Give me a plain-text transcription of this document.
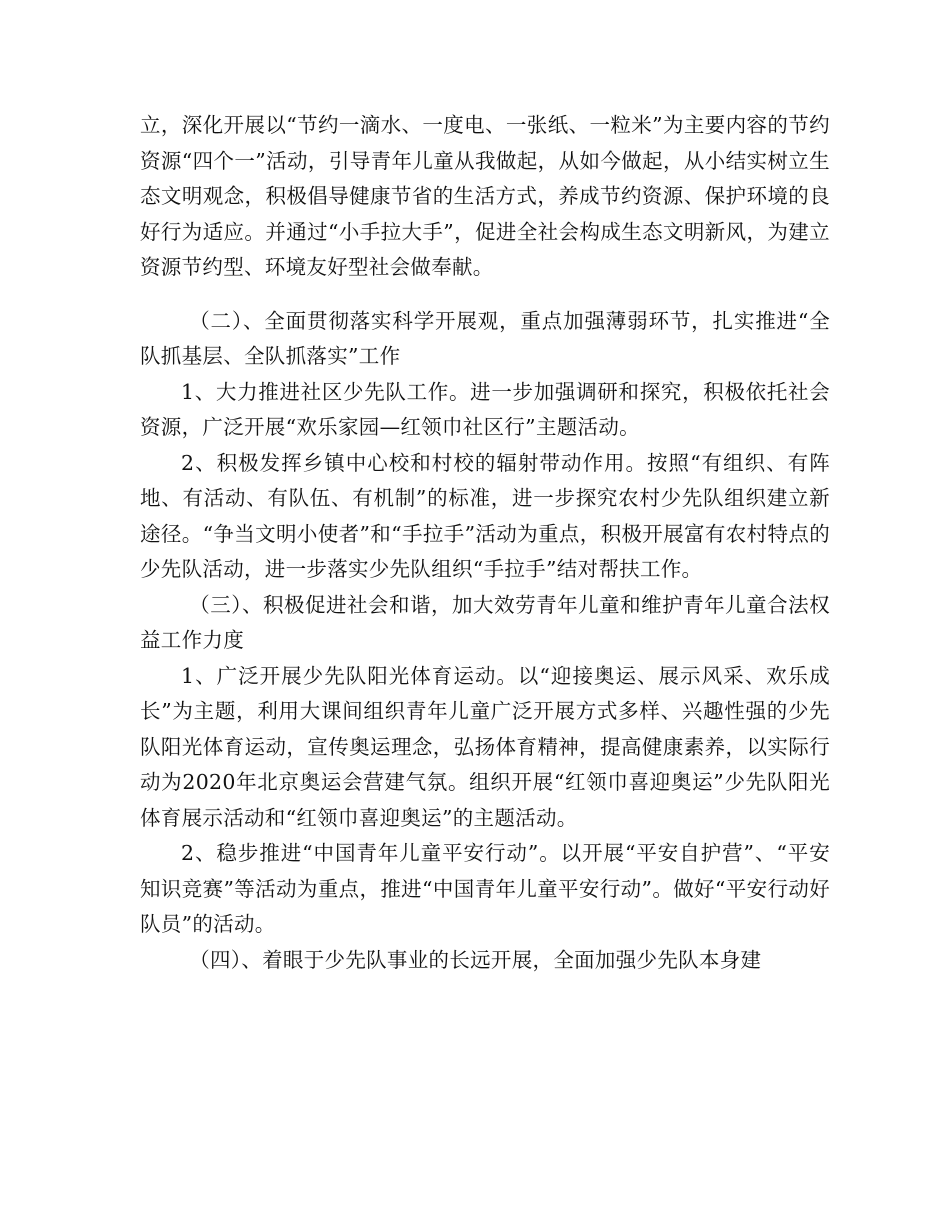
立，深化开展以“节约一滴水、一度电、一张纸、一粒米”为主要内容的节约资源“四个一”活动，引导青年儿童从我做起，从如今做起，从小结实树立生态文明观念，积极倡导健康节省的生活方式，养成节约资源、保护环境的良好行为适应。并通过“小手拉大手”，促进全社会构成生态文明新风，为建立资源节约型、环境友好型社会做奉献。

（二）、全面贯彻落实科学开展观，重点加强薄弱环节，扎实推进“全队抓基层、全队抓落实”工作

1、大力推进社区少先队工作。进一步加强调研和探究，积极依托社会资源，广泛开展“欢乐家园—红领巾社区行”主题活动。

2、积极发挥乡镇中心校和村校的辐射带动作用。按照“有组织、有阵地、有活动、有队伍、有机制”的标准，进一步探究农村少先队组织建立新途径。“争当文明小使者”和“手拉手”活动为重点，积极开展富有农村特点的少先队活动，进一步落实少先队组织“手拉手”结对帮扶工作。

（三）、积极促进社会和谐，加大效劳青年儿童和维护青年儿童合法权益工作力度

1、广泛开展少先队阳光体育运动。以“迎接奥运、展示风采、欢乐成长”为主题，利用大课间组织青年儿童广泛开展方式多样、兴趣性强的少先队阳光体育运动，宣传奥运理念，弘扬体育精神，提高健康素养，以实际行动为2020年北京奥运会营建气氛。组织开展“红领巾喜迎奥运”少先队阳光体育展示活动和“红领巾喜迎奥运”的主题活动。

2、稳步推进“中国青年儿童平安行动”。以开展“平安自护营”、“平安知识竞赛”等活动为重点，推进“中国青年儿童平安行动”。做好“平安行动好队员”的活动。

（四）、着眼于少先队事业的长远开展，全面加强少先队本身建
